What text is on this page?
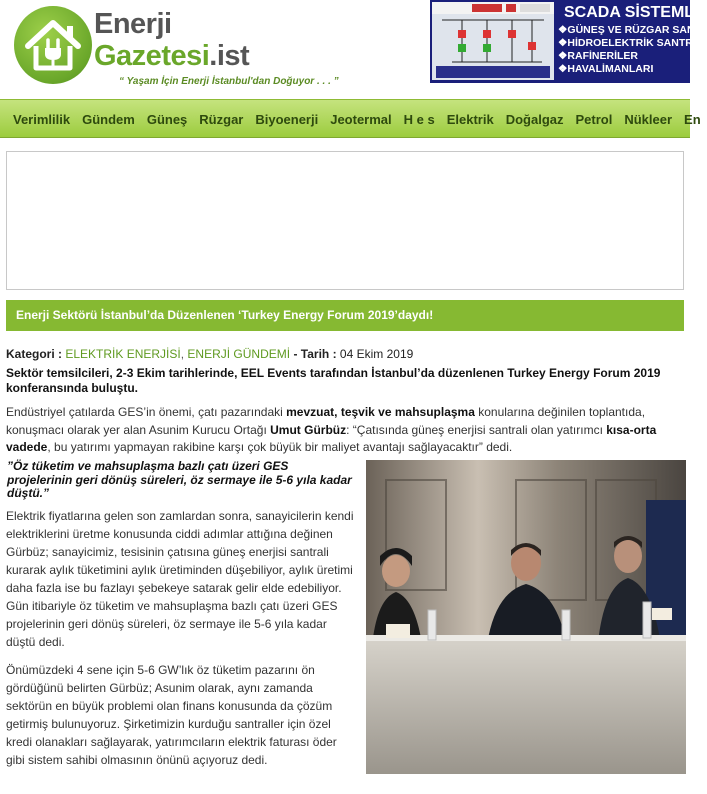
Enerji
Gazetesi.ist
“ Yaşam İçin Enerji İstanbul'dan Doğuyor . . . ”
SCADA SİSTEMLE
❖ GÜNEŞ VE RÜZGAR SANT
❖ HİDROELEKTRİK SANTR
❖ RAFİNERİLER
❖ HAVALİMANLARI
Verimlilik Gündem Güneş Rüzgar Biyoenerji Jeotermal H e s Elektrik Doğalgaz Petrol Nükleer En
Enerji Sektörü İstanbul’da Düzenlenen ‘Turkey Energy Forum 2019’daydı!
Kategori : ELEKTRİK ENERJİSİ, ENERJİ GÜNDEMİ - Tarih : 04 Ekim 2019
Sektör temsilcileri, 2-3 Ekim tarihlerinde, EEL Events tarafından İstanbul’da düzenlenen Turkey Energy Forum 2019 konferansında buluştu.
Endüstriyel çatılarda GES’in önemi, çatı pazarındaki mevzuat, teşvik ve mahsuplaşma konularına değinilen toplantıda, konuşmacı olarak yer alan Asunim Kurucu Ortağı Umut Gürbüz: “Çatısında güneş enerjisi santrali olan yatırımcı kısa-orta vadede, bu yatırımı yapmayan rakibine karşı çok büyük bir maliyet avantajı sağlayacaktır” dedi.
”Öz tüketim ve mahsuplaşma bazlı çatı üzeri GES projelerinin geri dönüş süreleri, öz sermaye ile 5-6 yıla kadar düştü.”
Elektrik fiyatlarına gelen son zamlardan sonra, sanayicilerin kendi elektriklerini üretme konusunda ciddi adımlar attığına değinen Gürbüz; sanayicimiz, tesisinin çatısına güneş enerjisi santrali kurarak aylık tüketimini aylık üretiminden düşebiliyor, aylık üretimi daha fazla ise bu fazlayı şebekeye satarak gelir elde edebiliyor. Gün itibariyle öz tüketim ve mahsuplaşma bazlı çatı üzeri GES projelerinin geri dönüş süreleri, öz sermaye ile 5-6 yıla kadar düştü dedi.
Önümüzdeki 4 sene için 5-6 GW’lık öz tüketim pazarını ön gördüğünü belirten Gürbüz; Asunim olarak, aynı zamanda sektörün en büyük problemi olan finans konusunda da çözüm getirmiş bulunuyoruz. Şirketimizin kurduğu santraller için özel kredi olanakları sağlayarak, yatırımcıların elektrik faturası öder gibi sistem sahibi olmasının önünü açıyoruz dedi.
